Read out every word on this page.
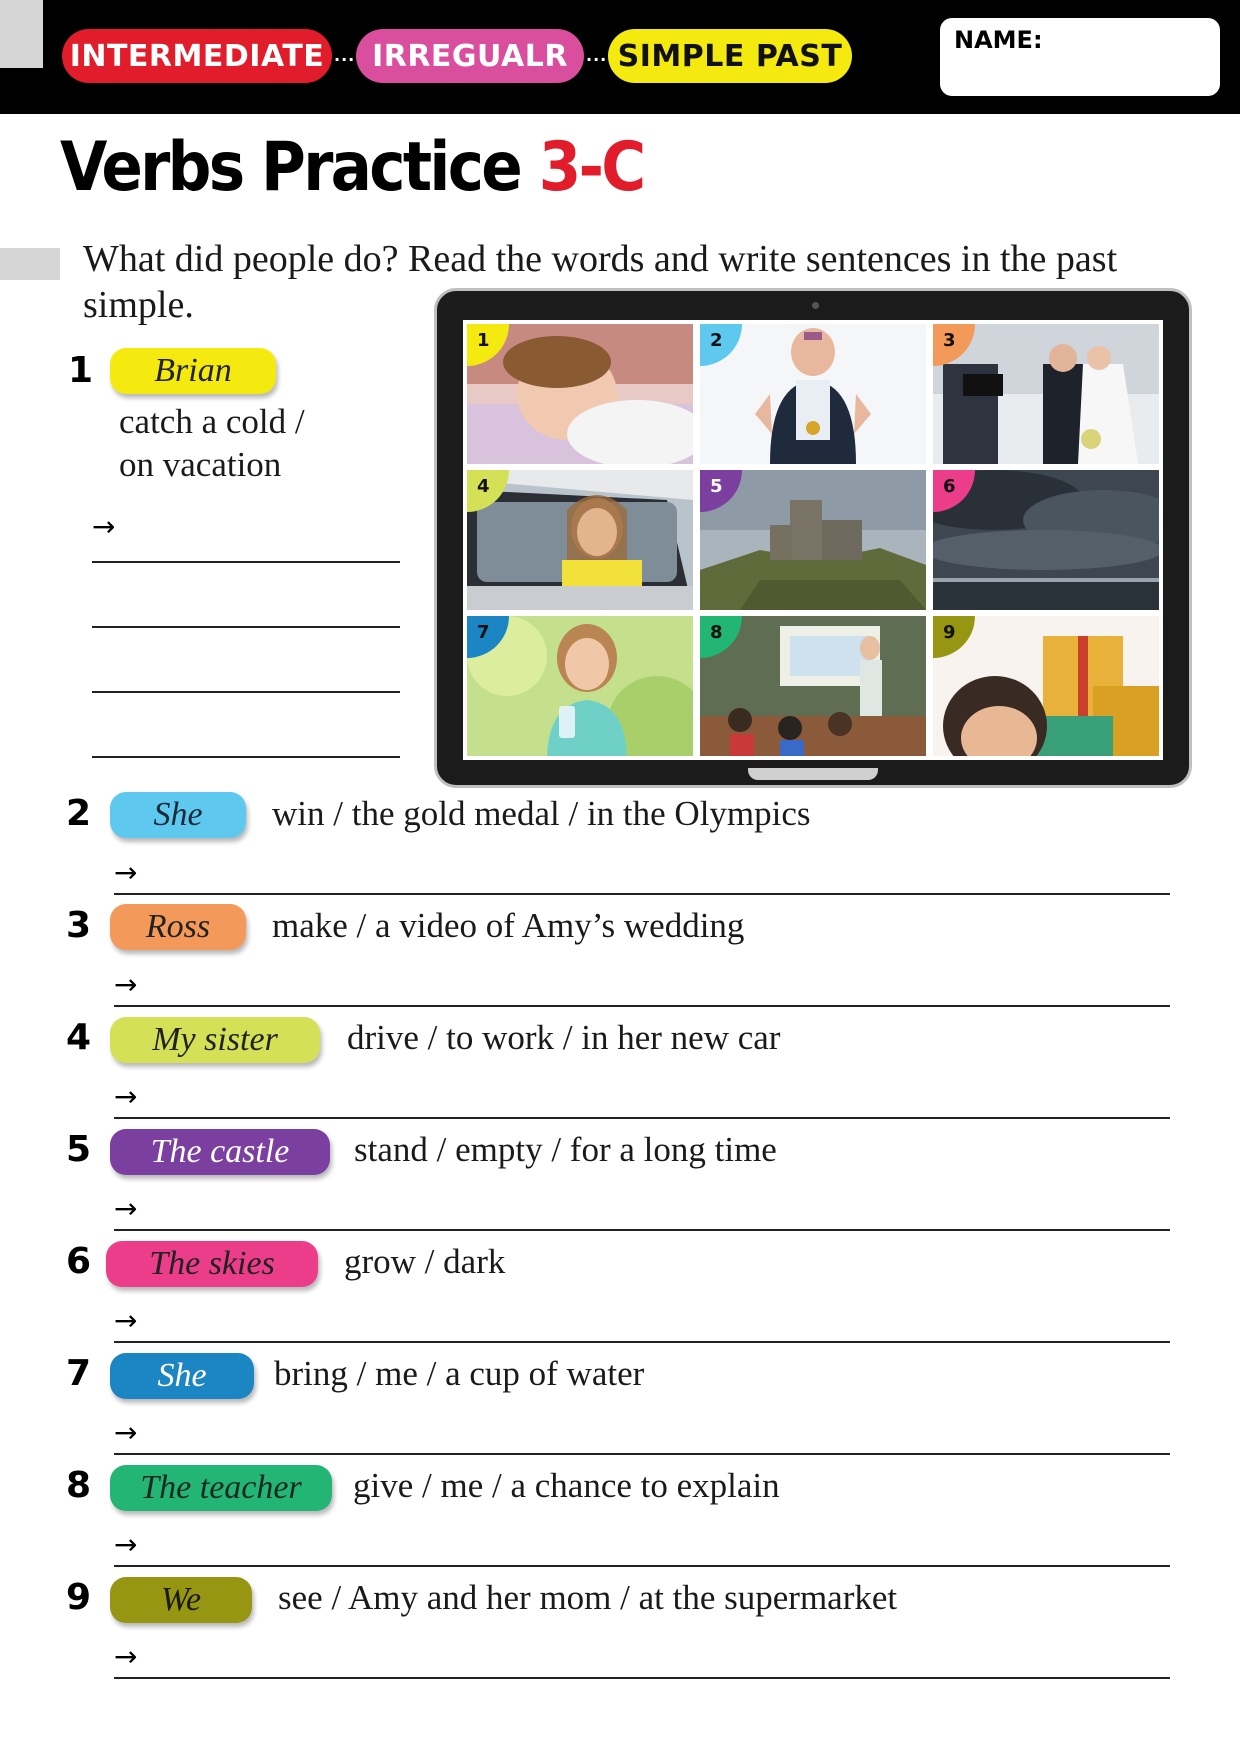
INTERMEDIATE ··· IRREGUALR	··· SIMPLE PAST	NAME:
Verbs Practice 3-C
What did people do? Read the words and write sentences in the past simple.
1	Brian
catch a cold /
on vacation
→
1	2	3
4	5	6
7	8	9
2	She	win / the gold medal / in the Olympics
→
3	Ross	make / a video of Amy’s wedding
→
4	My sister	drive / to work / in her new car
→
5	The castle	stand / empty / for a long time
→
6	The skies	grow / dark
→
7	She	bring / me / a cup of water
→
8	The teacher	give / me / a chance to explain
→
9	We	see / Amy and her mom / at the supermarket
→
